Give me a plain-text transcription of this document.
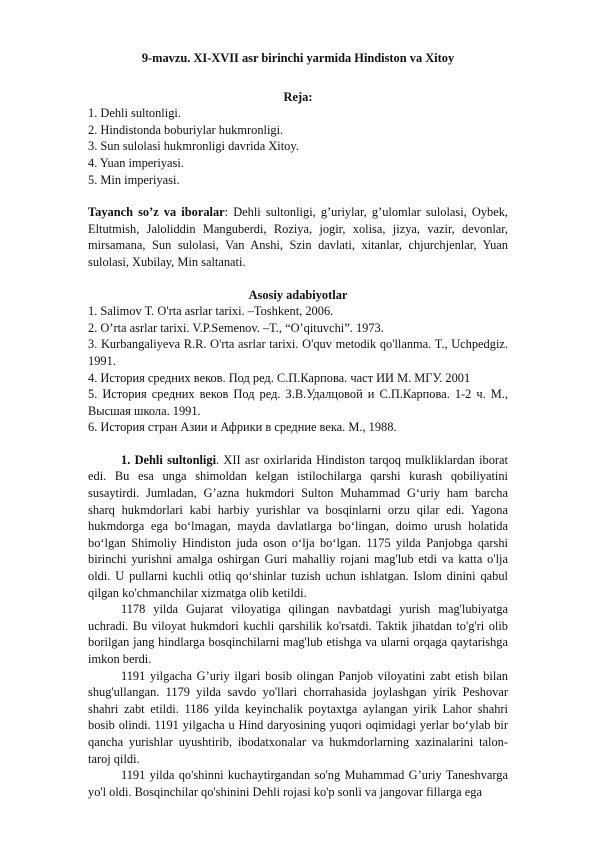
9-mavzu. XI-XVII asr birinchi yarmida Hindiston va Xitoy

Reja:

1. Dehli sultonligi.
2. Hindistonda boburiylar hukmronligi.
3. Sun sulolasi hukmronligi davrida Xitoy.
4. Yuan imperiyasi.
5. Min imperiyasi.

Tayanch so’z va iboralar: Dehli sultonligi, g’uriylar, g’ulomlar sulolasi, Oybek, Eltutmish, Jaloliddin Manguberdi, Roziya, jogir, xolisa, jizya, vazir, devonlar, mirsamana, Sun sulolasi, Van Anshi, Szin davlati, xitanlar, chjurchjenlar, Yuan sulolasi, Xubilay, Min saltanati.

Asosiy adabiyotlar

1. Salimov T. O'rta asrlar tarixi. –Toshkent, 2006.
2. O’rta asrlar tarixi. V.P.Semenov. –T., “O’qituvchi”. 1973.
3. Kurbangaliyeva R.R. O'rta asrlar tarixi. O'quv metodik qo'llanma. T., Uchpedgiz. 1991.
4. История средних веков. Под ред. С.П.Карпова. част ИИ М. МГУ. 2001
5. История средних веков Под ред. З.В.Удалцовой и С.П.Карпова. 1-2 ч. М., Высшая школа. 1991.
6. История стран Азии и Африки в средние века. М., 1988.

1. Dehli sultonligi. XII asr oxirlarida Hindiston tarqoq mulkliklardan iborat edi. Bu esa unga shimoldan kelgan istilochilarga qarshi kurash qobiliyatini susaytirdi. Jumladan, G’azna hukmdori Sulton Muhammad G‘uriy ham barcha sharq hukmdorlari kabi harbiy yurishlar va bosqinlarni orzu qilar edi. Yagona hukmdorga ega bo‘lmagan, mayda davlatlarga bo‘lingan, doimo urush holatida bo‘lgan Shimoliy Hindiston juda oson o‘lja bo‘lgan. 1175 yilda Panjobga qarshi birinchi yurishni amalga oshirgan Guri mahalliy rojani mag'lub etdi va katta o'lja oldi. U pullarni kuchli otliq qo‘shinlar tuzish uchun ishlatgan. Islom dinini qabul qilgan ko'chmanchilar xizmatga olib ketildi.

1178 yilda Gujarat viloyatiga qilingan navbatdagi yurish mag'lubiyatga uchradi. Bu viloyat hukmdori kuchli qarshilik ko'rsatdi. Taktik jihatdan to'g'ri olib borilgan jang hindlarga bosqinchilarni mag'lub etishga va ularni orqaga qaytarishga imkon berdi.

1191 yilgacha G’uriy ilgari bosib olingan Panjob viloyatini zabt etish bilan shug'ullangan. 1179 yilda savdo yo'llari chorrahasida joylashgan yirik Peshovar shahri zabt etildi. 1186 yilda keyinchalik poytaxtga aylangan yirik Lahor shahri bosib olindi. 1191 yilgacha u Hind daryosining yuqori oqimidagi yerlar bo‘ylab bir qancha yurishlar uyushtirib, ibodatxonalar va hukmdorlarning xazinalarini talon-taroj qildi.

1191 yilda qo'shinni kuchaytirgandan so'ng Muhammad G’uriy Taneshvarga yo'l oldi. Bosqinchilar qo'shinini Dehli rojasi ko'p sonli va jangovar fillarga ega
